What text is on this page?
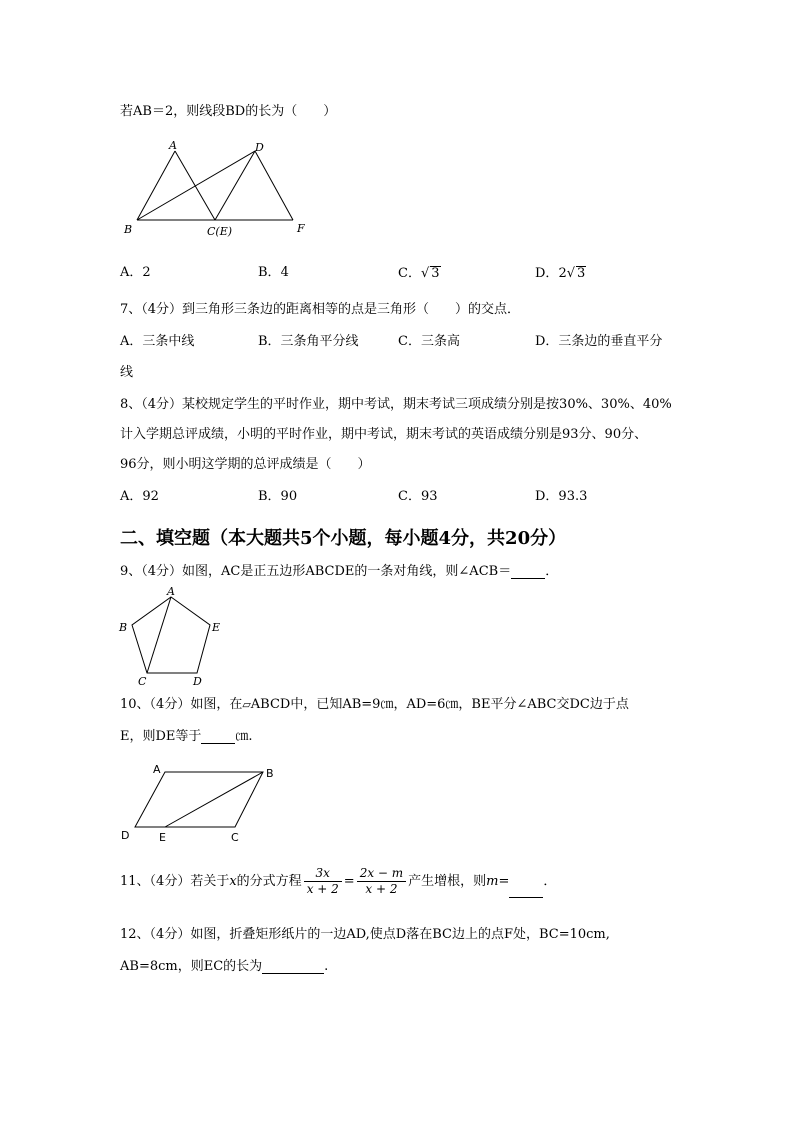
若AB＝2，则线段BD的长为（　　）
A
B	C(E)
D
F
A．2	B．4	C．√ 3	D．2√ 3
7、（4分）到三角形三条边的距离相等的点是三角形（　　）的交点．
A．三条中线	B．三条角平分线	C．三条高	D．三条边的垂直平分
线
8、（4分）某校规定学生的平时作业，期中考试，期末考试三项成绩分别是按30%、30%、40%
计入学期总评成绩，小明的平时作业，期中考试，期末考试的英语成绩分别是93分、90分、
96分，则小明这学期的总评成绩是（　　）
A．92	B．90	C．93	D．93.3
二、填空题（本大题共5个小题，每小题4分，共20分）
9、（4分）如图，AC是正五边形ABCDE的一条对角线，则∠ACB＝	．
A
B
C	D
E
10、（4分）如图，在▱ABCD中，已知AB=9㎝，AD=6㎝，BE平分∠ABC交DC边于点
E，则DE等于	㎝.
A	B
C
D	E
11、（4分）若关于x的分式方程 $\frac{3x}{x + 2} = \frac{2x - m}{x + 2}$ 产生增根，则m=	．
12、（4分）如图，折叠矩形纸片的一边AD,使点D落在BC边上的点F处，BC=10cm,
AB=8cm，则EC的长为	.
